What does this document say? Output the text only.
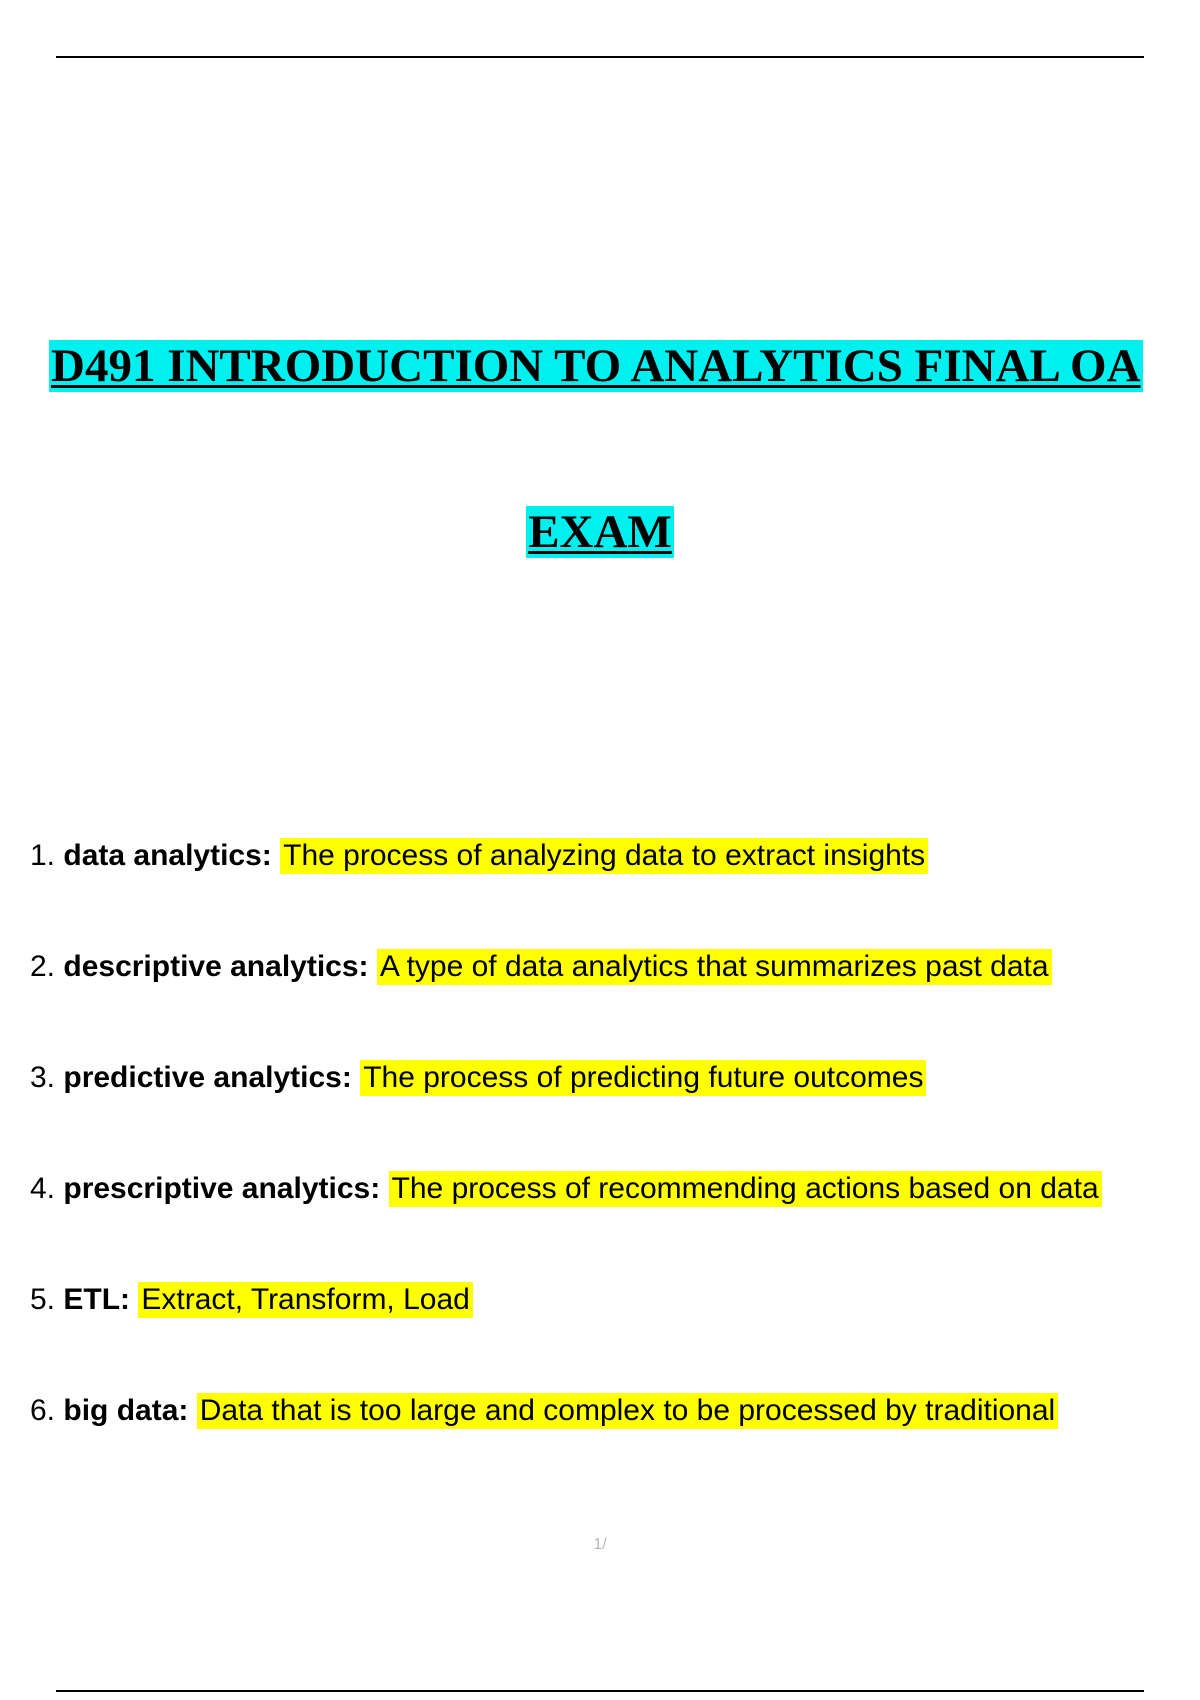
D491 INTRODUCTION TO ANALYTICS FINAL OA
EXAM
1. data analytics: The process of analyzing data to extract insights
2. descriptive analytics: A type of data analytics that summarizes past data
3. predictive analytics: The process of predicting future outcomes
4. prescriptive analytics: The process of recommending actions based on data
5. ETL: Extract, Transform, Load
6. big data: Data that is too large and complex to be processed by traditional
1/
